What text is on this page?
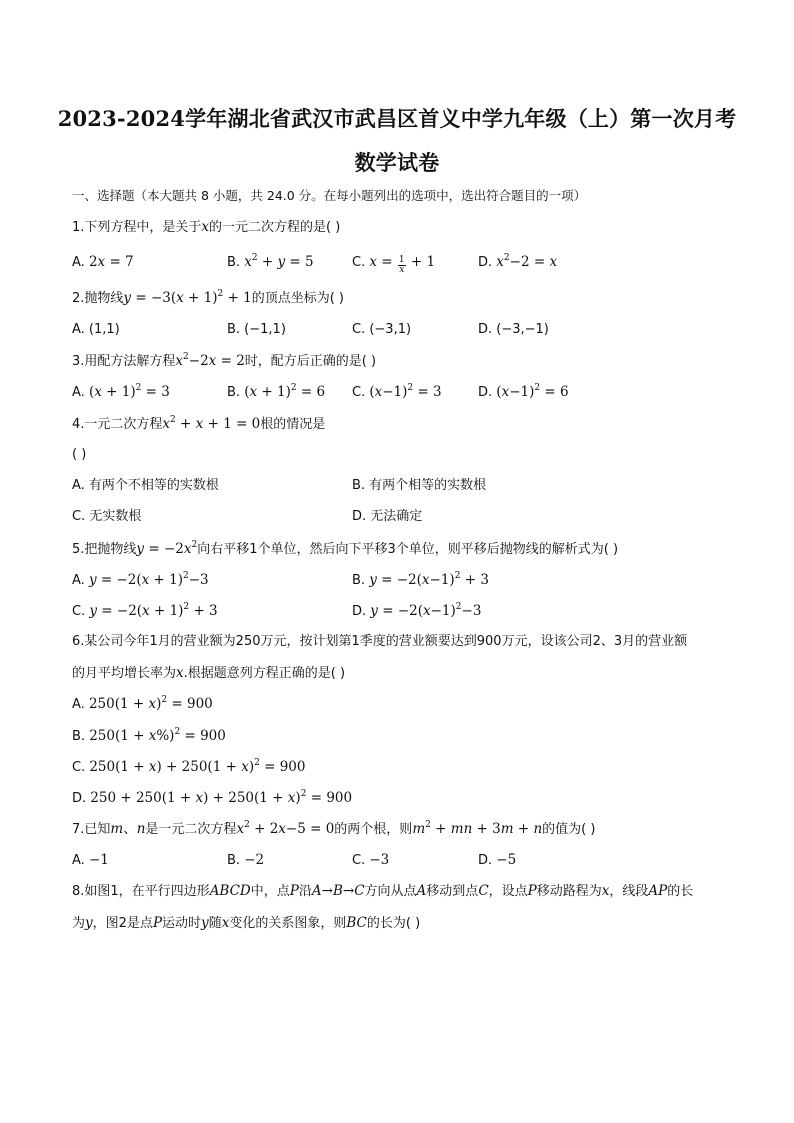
2023-2024学年湖北省武汉市武昌区首义中学九年级（上）第一次月考
数学试卷
一、选择题（本大题共 8 小题，共 24.0 分。在每小题列出的选项中，选出符合题目的一项）
1.下列方程中，是关于x的一元二次方程的是( )
A. 2x = 7	B. $x^2 + y = 5$	C. $x = \frac{1}{x} + 1$	D. $x^2-2 = x$
2.抛物线$y = -3(x + 1)^2 + 1$的顶点坐标为( )
A. (1,1)	B. (−1,1)	C. (−3,1)	D. (−3,−1)
3.用配方法解方程$x^2-2x = 2$时，配方后正确的是( )
A. $(x + 1)^2 = 3$	B. $(x + 1)^2 = 6$ C. $(x-1)^2 = 3$	D. $(x-1)^2 = 6$
4.一元二次方程$x^2 + x + 1 = 0$根的情况是
( )
A. 有两个不相等的实数根	B. 有两个相等的实数根
C. 无实数根	D. 无法确定
5.把抛物线$y = -2x^2$向右平移1个单位，然后向下平移3个单位，则平移后抛物线的解析式为( )
A. $y = -2(x + 1)^2-3$	B. $y = -2(x-1)^2 + 3$
C. $y = -2(x + 1)^2 + 3$	D. $y = -2(x-1)^2-3$
6.某公司今年1月的营业额为250万元，按计划第1季度的营业额要达到900万元，设该公司2、3月的营业额
的月平均增长率为x.根据题意列方程正确的是( )
A. $250(1 + x)^2 = 900$
B. $250(1 + x\%)^2 = 900$
C. $250(1 + x) + 250(1 + x)^2 = 900$
D. $250 + 250(1 + x) + 250(1 + x)^2 = 900$
7.已知m、n是一元二次方程$x^2 + 2x-5 = 0$的两个根，则$m^2$ + mn + 3m + n的值为( )
A. −1	B. −2	C. −3	D. −5
8.如图1，在平行四边形ABCD中，点P沿A→B→C方向从点A移动到点C，设点P移动路程为x，线段AP的长
为y，图2是点P运动时y随x变化的关系图象，则BC的长为( )
